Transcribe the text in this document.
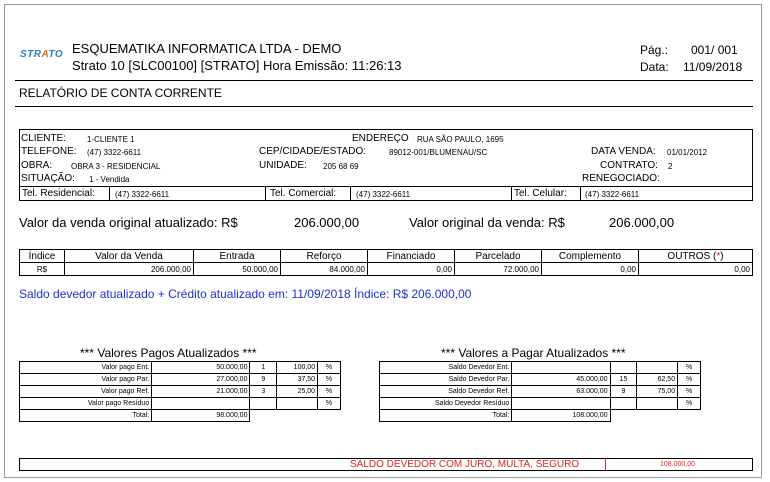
STRATO ESQUEMATIKA INFORMATICA LTDA - DEMO
Strato 10 [SLC00100] [STRATO] Hora Emissão: 11:26:13
Pág.: 001/ 001
Data: 11/09/2018
RELATÓRIO DE CONTA CORRENTE
CLIENTE:	1-CLIENTE 1	ENDEREÇO RUA SÃO PAULO, 1695
TELEFONE: (47) 3322-6611	CEP/CIDADE/ESTADO:	89012-001/BLUMENAU/SC	DATA VENDA: 01/01/2012
OBRA: OBRA 3 - RESIDENCIAL	UNIDADE: 205 68 69	CONTRATO: 2
SITUAÇÃO: 1 - Vendida	RENEGOCIADO:
Tel. Residencial:	(47) 3322-6611	Tel. Comercial: (47) 3322-6611	Tel. Celular: (47) 3322-6611
Valor da venda original atualizado: R$	206.000,00	Valor original da venda: R$	206.000,00
Índice	Valor da Venda	Entrada	Reforço	Financiado	Parcelado	Complemento	OUTROS (*)
R$	206.000,00	50.000,00	84.000,00	0,00	72.000,00	0,00	0,00
Saldo devedor atualizado + Crédito atualizado em: 11/09/2018 Índice: R$ 206.000,00
*** Valores Pagos Atualizados ***
Valor pago Ent.	50.000,00	1	100,00	%
Valor pago Par.	27.000,00	9	37,50	%
Valor pago Ref.	21.000,00	3	25,00	%
Valor pago Resíduo				%
Total:	98.000,00			
*** Valores a Pagar Atualizados ***
Saldo Devedor Ent.				%
Saldo Devedor Par.	45.000,00	15	62,50	%
Saldo Devedor Ref.	63.000,00	9	75,00	%
Saldo Devedor Resíduo				%
Total:	108.000,00			
SALDO DEVEDOR COM JURO, MULTA, SEGURO	108.000,00
